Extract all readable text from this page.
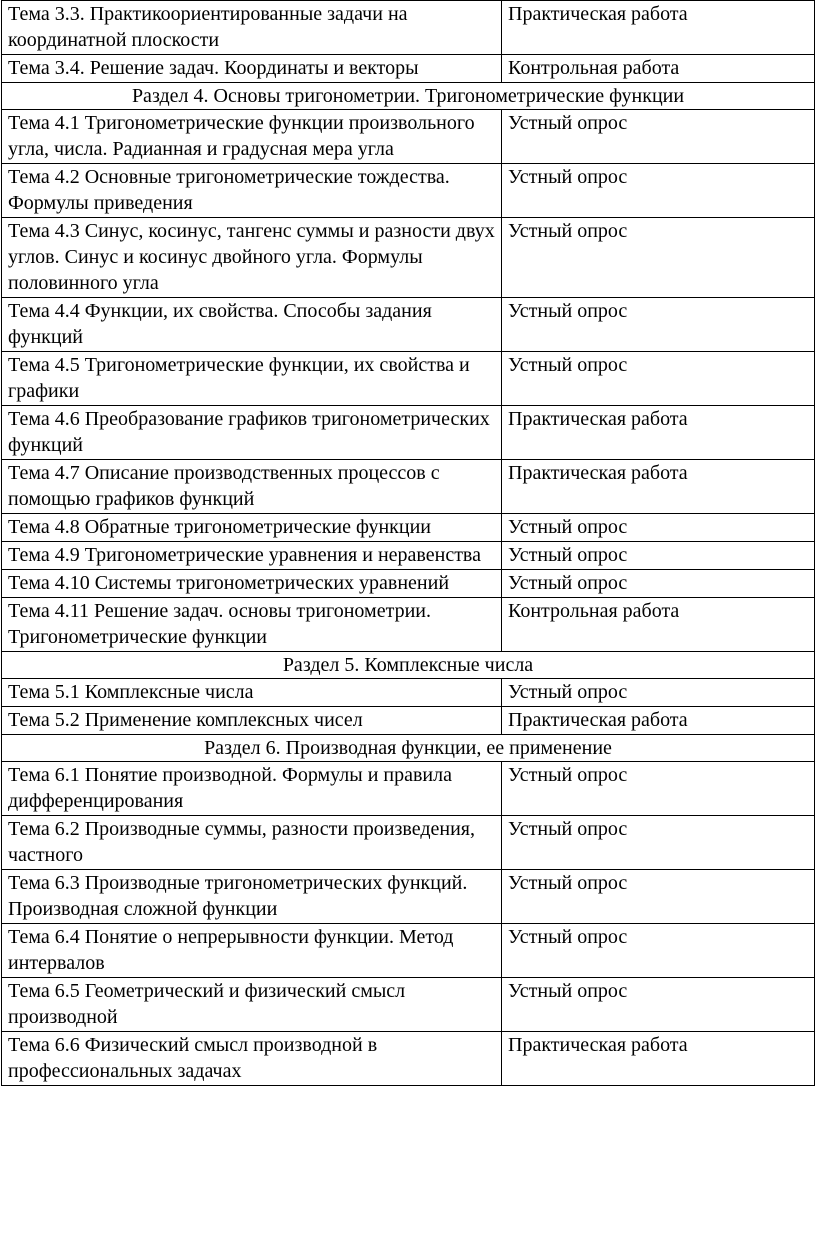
Тема 3.3. Практикоориентированные задачи на координатной плоскости	Практическая работа
Тема 3.4. Решение задач. Координаты и векторы	Контрольная работа
Раздел 4. Основы тригонометрии. Тригонометрические функции	
Тема 4.1 Тригонометрические функции произвольного угла, числа. Радианная и градусная мера угла	Устный опрос
Тема 4.2 Основные тригонометрические тождества. Формулы приведения	Устный опрос
Тема 4.3 Синус, косинус, тангенс суммы и разности двух углов. Синус и косинус двойного угла. Формулы половинного угла	Устный опрос
Тема 4.4 Функции, их свойства. Способы задания функций	Устный опрос
Тема 4.5 Тригонометрические функции, их свойства и графики	Устный опрос
Тема 4.6 Преобразование графиков тригонометрических функций	Практическая работа
Тема 4.7 Описание производственных процессов с помощью графиков функций	Практическая работа
Тема 4.8 Обратные тригонометрические функции	Устный опрос
Тема 4.9 Тригонометрические уравнения и неравенства	Устный опрос
Тема 4.10 Системы тригонометрических уравнений	Устный опрос
Тема 4.11 Решение задач. основы тригонометрии. Тригонометрические функции	Контрольная работа
Раздел 5. Комплексные числа	
Тема 5.1 Комплексные числа	Устный опрос
Тема 5.2 Применение комплексных чисел	Практическая работа
Раздел 6. Производная функции, ее применение	
Тема 6.1 Понятие производной. Формулы и правила дифференцирования	Устный опрос
Тема 6.2 Производные суммы, разности произведения, частного	Устный опрос
Тема 6.3 Производные тригонометрических функций. Производная сложной функции	Устный опрос
Тема 6.4 Понятие о непрерывности функции. Метод интервалов	Устный опрос
Тема 6.5 Геометрический и физический смысл производной	Устный опрос
Тема 6.6 Физический смысл производной в профессиональных задачах	Практическая работа
